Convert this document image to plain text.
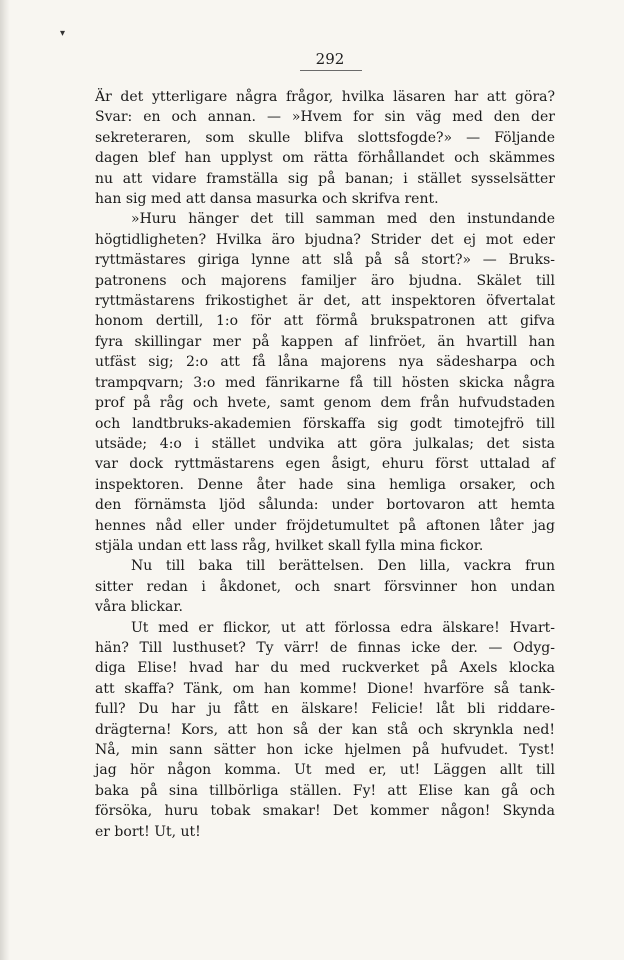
▾
292

Är det ytterligare några frågor, hvilka läsaren har att göra?
Svar: en och annan. — »Hvem for sin väg med den der
sekreteraren, som skulle blifva slottsfogde?» — Följande
dagen blef han upplyst om rätta förhållandet och skämmes
nu att vidare framställa sig på banan; i stället sysselsätter
han sig med att dansa masurka och skrifva rent.

»Huru hänger det till samman med den instundande
högtidligheten? Hvilka äro bjudna? Strider det ej mot eder
ryttmästares giriga lynne att slå på så stort?» — Bruks-
patronens och majorens familjer äro bjudna. Skälet till
ryttmästarens frikostighet är det, att inspektoren öfvertalat
honom dertill, 1:o för att förmå brukspatronen att gifva
fyra skillingar mer på kappen af linfröet, än hvartill han
utfäst sig; 2:o att få låna majorens nya sädesharpa och
trampqvarn; 3:o med fänrikarne få till hösten skicka några
prof på råg och hvete, samt genom dem från hufvudstaden
och landtbruks-akademien förskaffa sig godt timotejfrö till
utsäde; 4:o i stället undvika att göra julkalas; det sista
var dock ryttmästarens egen åsigt, ehuru först uttalad af
inspektoren. Denne åter hade sina hemliga orsaker, och
den förnämsta ljöd sålunda: under bortovaron att hemta
hennes nåd eller under fröjdetumultet på aftonen låter jag
stjäla undan ett lass råg, hvilket skall fylla mina fickor.

Nu till baka till berättelsen. Den lilla, vackra frun
sitter redan i åkdonet, och snart försvinner hon undan
våra blickar.

Ut med er flickor, ut att förlossa edra älskare! Hvart-
hän? Till lusthuset? Ty värr! de finnas icke der. — Odyg-
diga Elise! hvad har du med ruckverket på Axels klocka
att skaffa? Tänk, om han komme! Dione! hvarföre så tank-
full? Du har ju fått en älskare! Felicie! låt bli riddare-
drägterna! Kors, att hon så der kan stå och skrynkla ned!
Nå, min sann sätter hon icke hjelmen på hufvudet. Tyst!
jag hör någon komma. Ut med er, ut! Läggen allt till
baka på sina tillbörliga ställen. Fy! att Elise kan gå och
försöka, huru tobak smakar! Det kommer någon! Skynda
er bort! Ut, ut!
